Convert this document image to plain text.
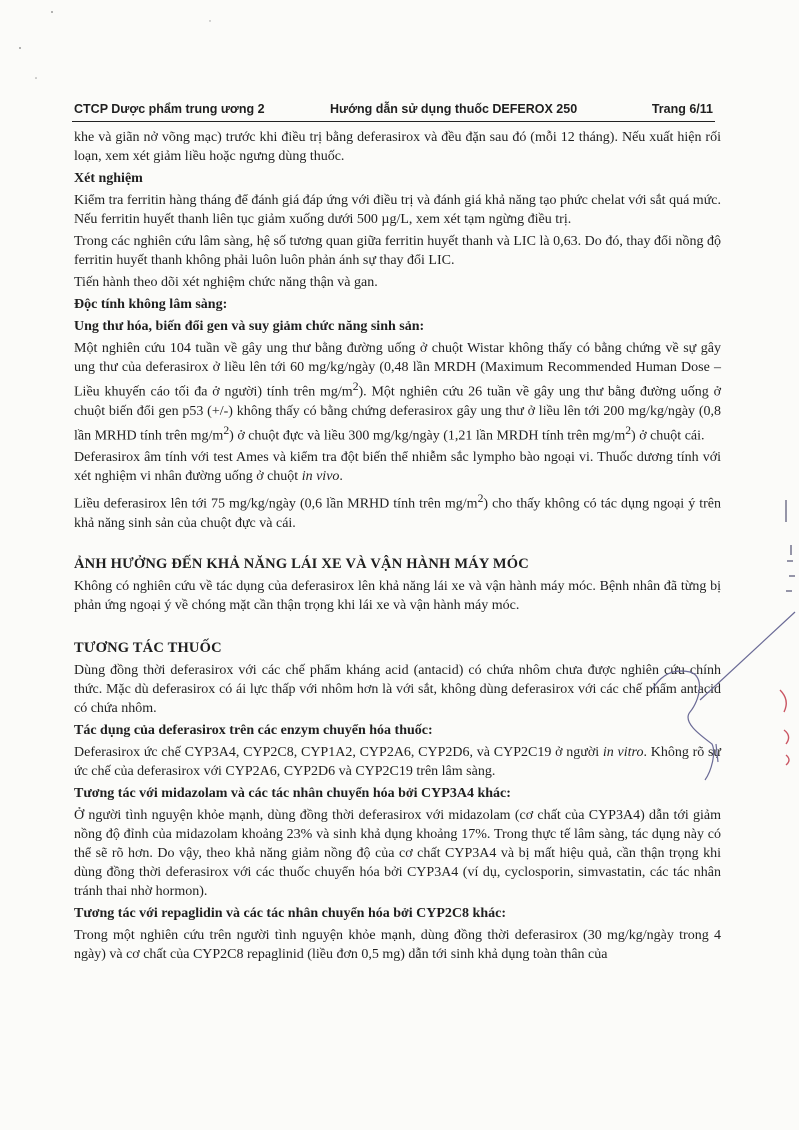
CTCP Dược phẩm trung ương 2	Hướng dẫn sử dụng thuốc DEFEROX 250	Trang 6/11

khe và giãn nở võng mạc) trước khi điều trị bằng deferasirox và đều đặn sau đó (mỗi 12 tháng). Nếu xuất hiện rối loạn, xem xét giảm liều hoặc ngưng dùng thuốc.

Xét nghiệm

Kiểm tra ferritin hàng tháng để đánh giá đáp ứng với điều trị và đánh giá khả năng tạo phức chelat với sắt quá mức. Nếu ferritin huyết thanh liên tục giảm xuống dưới 500 µg/L, xem xét tạm ngừng điều trị.

Trong các nghiên cứu lâm sàng, hệ số tương quan giữa ferritin huyết thanh và LIC là 0,63. Do đó, thay đổi nồng độ ferritin huyết thanh không phải luôn luôn phản ánh sự thay đổi LIC.

Tiến hành theo dõi xét nghiệm chức năng thận và gan.

Độc tính không lâm sàng:

Ung thư hóa, biến đổi gen và suy giảm chức năng sinh sản:

Một nghiên cứu 104 tuần về gây ung thư bằng đường uống ở chuột Wistar không thấy có bằng chứng về sự gây ung thư của deferasirox ở liều lên tới 60 mg/kg/ngày (0,48 lần MRDH (Maximum Recommended Human Dose – Liều khuyến cáo tối đa ở người) tính trên $mg/m^2$). Một nghiên cứu 26 tuần về gây ung thư bằng đường uống ở chuột biến đổi gen p53 (+/-) không thấy có bằng chứng deferasirox gây ung thư ở liều lên tới 200 mg/kg/ngày (0,8 lần MRHD tính trên $mg/m^2$) ở chuột đực và liều 300 mg/kg/ngày (1,21 lần MRDH tính trên $mg/m^2$) ở chuột cái.

Deferasirox âm tính với test Ames và kiểm tra đột biến thể nhiễm sắc lympho bào ngoại vi. Thuốc dương tính với xét nghiệm vi nhân đường uống ở chuột in vivo.

Liều deferasirox lên tới 75 mg/kg/ngày (0,6 lần MRHD tính trên $mg/m^2$) cho thấy không có tác dụng ngoại ý trên khả năng sinh sản của chuột đực và cái.

ẢNH HƯỞNG ĐẾN KHẢ NĂNG LÁI XE VÀ VẬN HÀNH MÁY MÓC

Không có nghiên cứu về tác dụng của deferasirox lên khả năng lái xe và vận hành máy móc. Bệnh nhân đã từng bị phản ứng ngoại ý về chóng mặt cần thận trọng khi lái xe và vận hành máy móc.

TƯƠNG TÁC THUỐC

Dùng đồng thời deferasirox với các chế phẩm kháng acid (antacid) có chứa nhôm chưa được nghiên cứu chính thức. Mặc dù deferasirox có ái lực thấp với nhôm hơn là với sắt, không dùng deferasirox với các chế phẩm antacid có chứa nhôm.

Tác dụng của deferasirox trên các enzym chuyển hóa thuốc:

Deferasirox ức chế CYP3A4, CYP2C8, CYP1A2, CYP2A6, CYP2D6, và CYP2C19 ở người in vitro. Không rõ sự ức chế của deferasirox với CYP2A6, CYP2D6 và CYP2C19 trên lâm sàng.

Tương tác với midazolam và các tác nhân chuyển hóa bởi CYP3A4 khác:

Ở người tình nguyện khỏe mạnh, dùng đồng thời deferasirox với midazolam (cơ chất của CYP3A4) dẫn tới giảm nồng độ đỉnh của midazolam khoảng 23% và sinh khả dụng khoảng 17%. Trong thực tế lâm sàng, tác dụng này có thể sẽ rõ hơn. Do vậy, theo khả năng giảm nồng độ của cơ chất CYP3A4 và bị mất hiệu quả, cần thận trọng khi dùng đồng thời deferasirox với các thuốc chuyển hóa bởi CYP3A4 (ví dụ, cyclosporin, simvastatin, các tác nhân tránh thai nhờ hormon).

Tương tác với repaglidin và các tác nhân chuyển hóa bởi CYP2C8 khác:

Trong một nghiên cứu trên người tình nguyện khỏe mạnh, dùng đồng thời deferasirox (30 mg/kg/ngày trong 4 ngày) và cơ chất của CYP2C8 repaglinid (liều đơn 0,5 mg) dẫn tới sinh khả dụng toàn thân của
